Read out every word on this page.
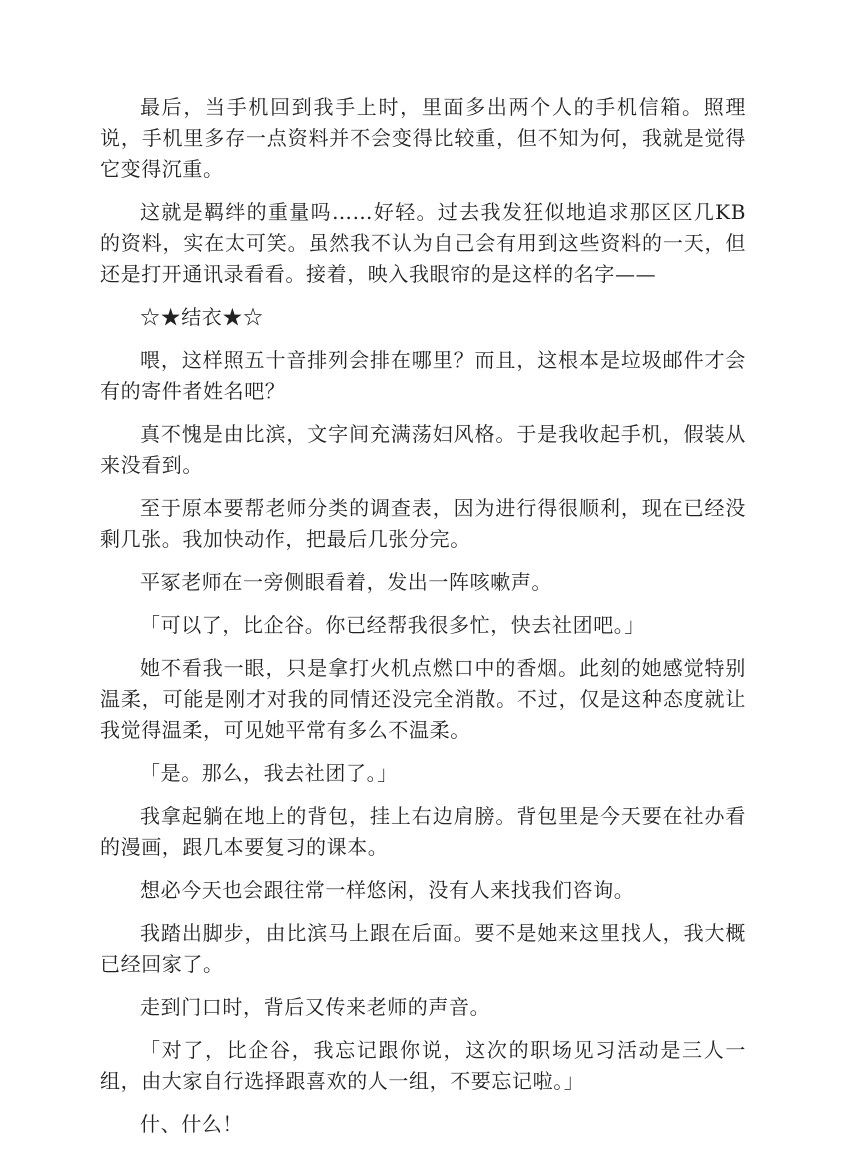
最后，当手机回到我手上时，里面多出两个人的手机信箱。照理说，手机里多存一点资料并不会变得比较重，但不知为何，我就是觉得它变得沉重。

这就是羁绊的重量吗……好轻。过去我发狂似地追求那区区几KB的资料，实在太可笑。虽然我不认为自己会有用到这些资料的一天，但还是打开通讯录看看。接着，映入我眼帘的是这样的名字——

☆★结衣★☆

喂，这样照五十音排列会排在哪里？而且，这根本是垃圾邮件才会有的寄件者姓名吧？

真不愧是由比滨，文字间充满荡妇风格。于是我收起手机，假装从来没看到。

至于原本要帮老师分类的调查表，因为进行得很顺利，现在已经没剩几张。我加快动作，把最后几张分完。

平冢老师在一旁侧眼看着，发出一阵咳嗽声。

「可以了，比企谷。你已经帮我很多忙，快去社团吧。」

她不看我一眼，只是拿打火机点燃口中的香烟。此刻的她感觉特别温柔，可能是刚才对我的同情还没完全消散。不过，仅是这种态度就让我觉得温柔，可见她平常有多么不温柔。

「是。那么，我去社团了。」

我拿起躺在地上的背包，挂上右边肩膀。背包里是今天要在社办看的漫画，跟几本要复习的课本。

想必今天也会跟往常一样悠闲，没有人来找我们咨询。

我踏出脚步，由比滨马上跟在后面。要不是她来这里找人，我大概已经回家了。

走到门口时，背后又传来老师的声音。

「对了，比企谷，我忘记跟你说，这次的职场见习活动是三人一组，由大家自行选择跟喜欢的人一组，不要忘记啦。」

什、什么！
